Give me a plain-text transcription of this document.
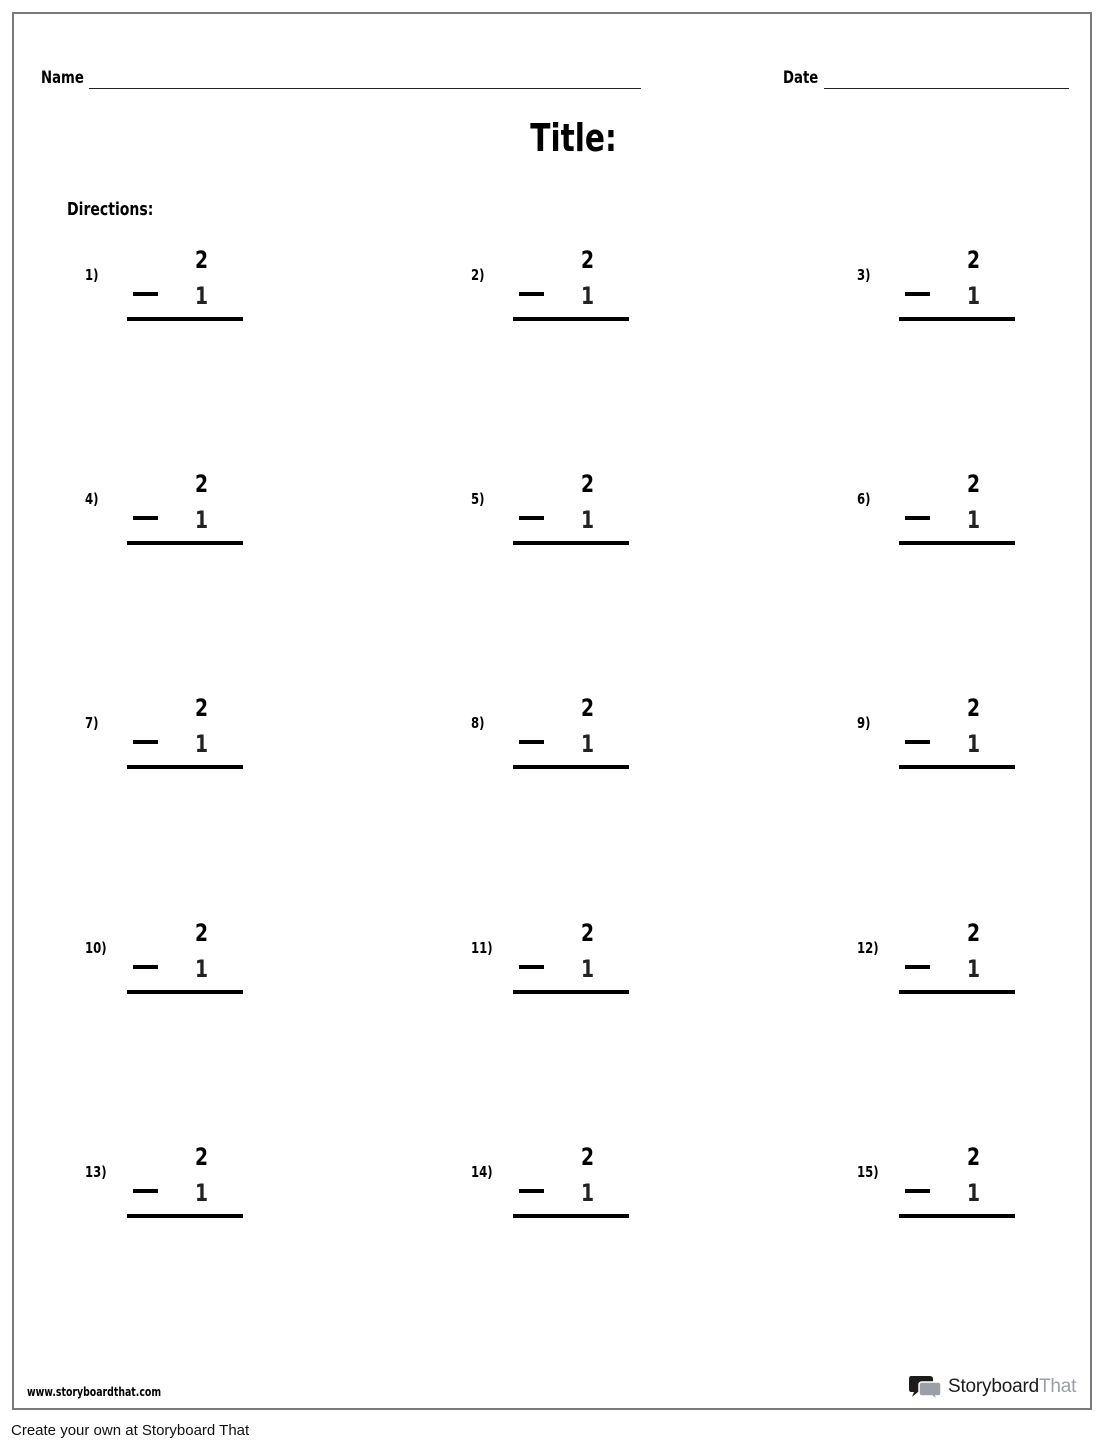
Name	Date
Title:
Directions:
1)
2
1
2)
2
1
3)
2
1
4)
2
1
5)
2
1
6)
2
1
7)
2
1
8)
2
1
9)
2
1
10)
2
1
11)
2
1
12)
2
1
13)
2
1
14)
2
1
15)
2
1
www.storyboardthat.com	StoryboardThat
Create your own at Storyboard That
